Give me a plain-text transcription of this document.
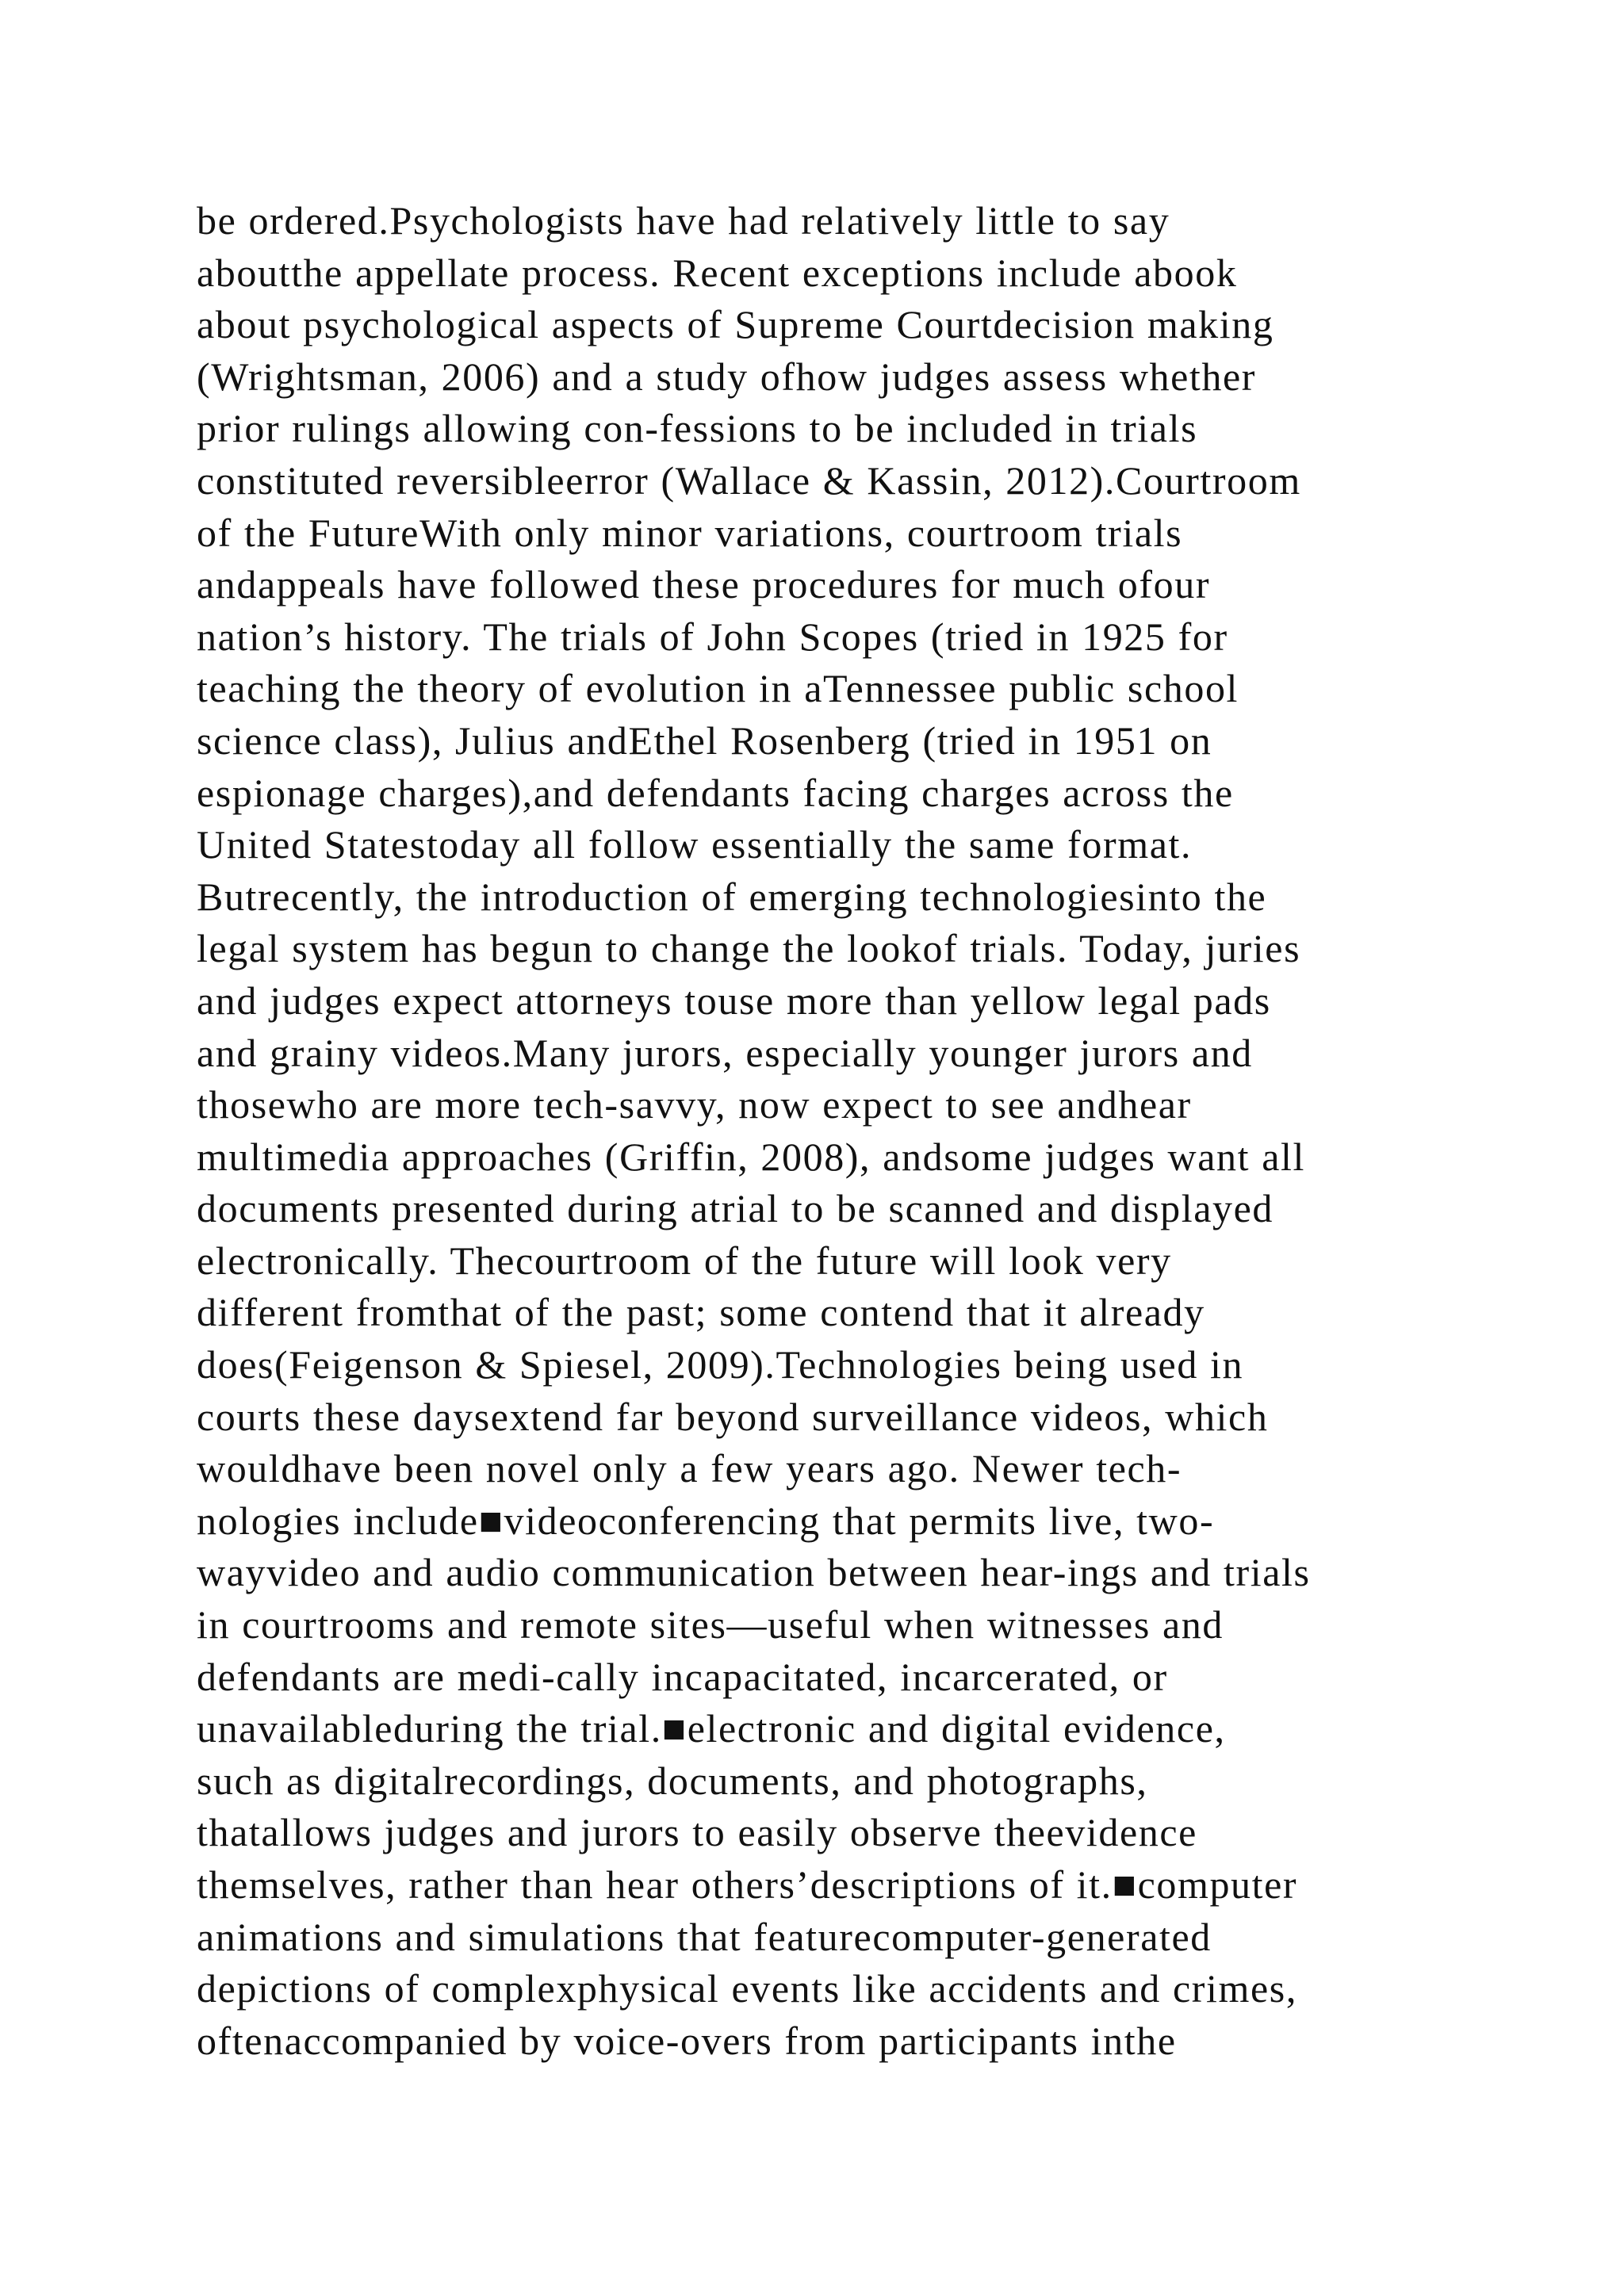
be ordered.Psychologists have had relatively little to say
aboutthe appellate process. Recent exceptions include abook
about psychological aspects of Supreme Courtdecision making
(Wrightsman, 2006) and a study ofhow judges assess whether
prior rulings allowing con-fessions to be included in trials
constituted reversibleerror (Wallace & Kassin, 2012).Courtroom
of the FutureWith only minor variations, courtroom trials
andappeals have followed these procedures for much ofour
nation’s history. The trials of John Scopes (tried in 1925 for
teaching the theory of evolution in aTennessee public school
science class), Julius andEthel Rosenberg (tried in 1951 on
espionage charges),and defendants facing charges across the
United Statestoday all follow essentially the same format.
Butrecently, the introduction of emerging technologiesinto the
legal system has begun to change the lookof trials. Today, juries
and judges expect attorneys touse more than yellow legal pads
and grainy videos.Many jurors, especially younger jurors and
thosewho are more tech-savvy, now expect to see andhear
multimedia approaches (Griffin, 2008), andsome judges want all
documents presented during atrial to be scanned and displayed
electronically. Thecourtroom of the future will look very
different fromthat of the past; some contend that it already
does(Feigenson & Spiesel, 2009).Technologies being used in
courts these daysextend far beyond surveillance videos, which
wouldhave been novel only a few years ago. Newer tech-
nologies include■videoconferencing that permits live, two-
wayvideo and audio communication between hear-ings and trials
in courtrooms and remote sites—useful when witnesses and
defendants are medi-cally incapacitated, incarcerated, or
unavailableduring the trial.■electronic and digital evidence,
such as digitalrecordings, documents, and photographs,
thatallows judges and jurors to easily observe theevidence
themselves, rather than hear others’descriptions of it.■computer
animations and simulations that featurecomputer-generated
depictions of complexphysical events like accidents and crimes,
oftenaccompanied by voice-overs from participants inthe
